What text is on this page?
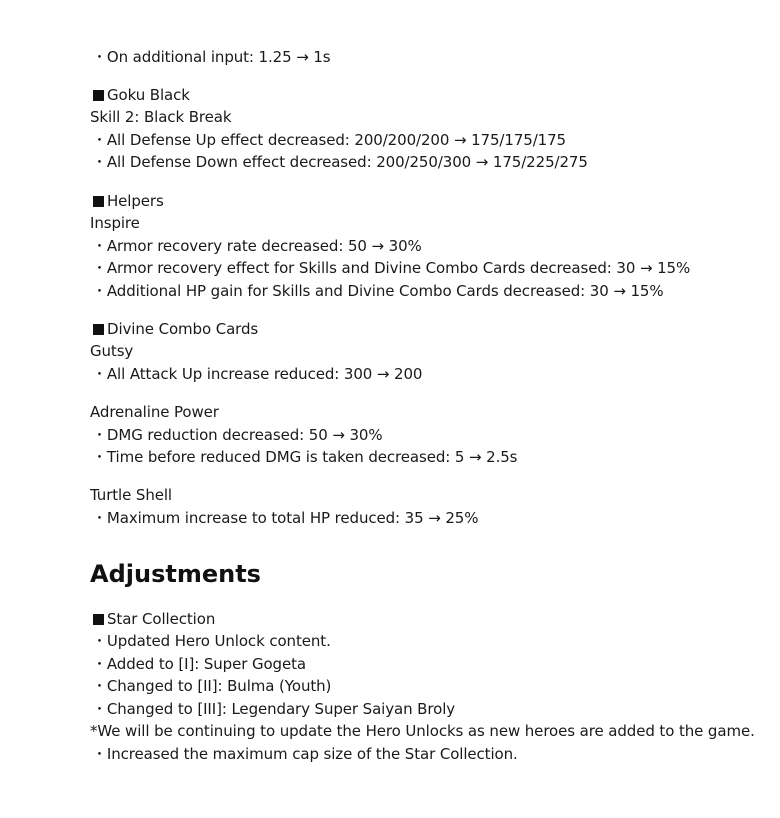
・On additional input: 1.25 → 1s
Goku Black
Skill 2: Black Break
・All Defense Up effect decreased: 200/200/200 → 175/175/175
・All Defense Down effect decreased: 200/250/300 → 175/225/275
Helpers
Inspire
・Armor recovery rate decreased: 50 → 30%
・Armor recovery effect for Skills and Divine Combo Cards decreased: 30 → 15%
・Additional HP gain for Skills and Divine Combo Cards decreased: 30 → 15%
Divine Combo Cards
Gutsy
・All Attack Up increase reduced: 300 → 200
Adrenaline Power
・DMG reduction decreased: 50 → 30%
・Time before reduced DMG is taken decreased: 5 → 2.5s
Turtle Shell
・Maximum increase to total HP reduced: 35 → 25%
Adjustments
Star Collection
・Updated Hero Unlock content.
・Added to [I]: Super Gogeta
・Changed to [II]: Bulma (Youth)
・Changed to [III]: Legendary Super Saiyan Broly
*We will be continuing to update the Hero Unlocks as new heroes are added to the game.
・Increased the maximum cap size of the Star Collection.
